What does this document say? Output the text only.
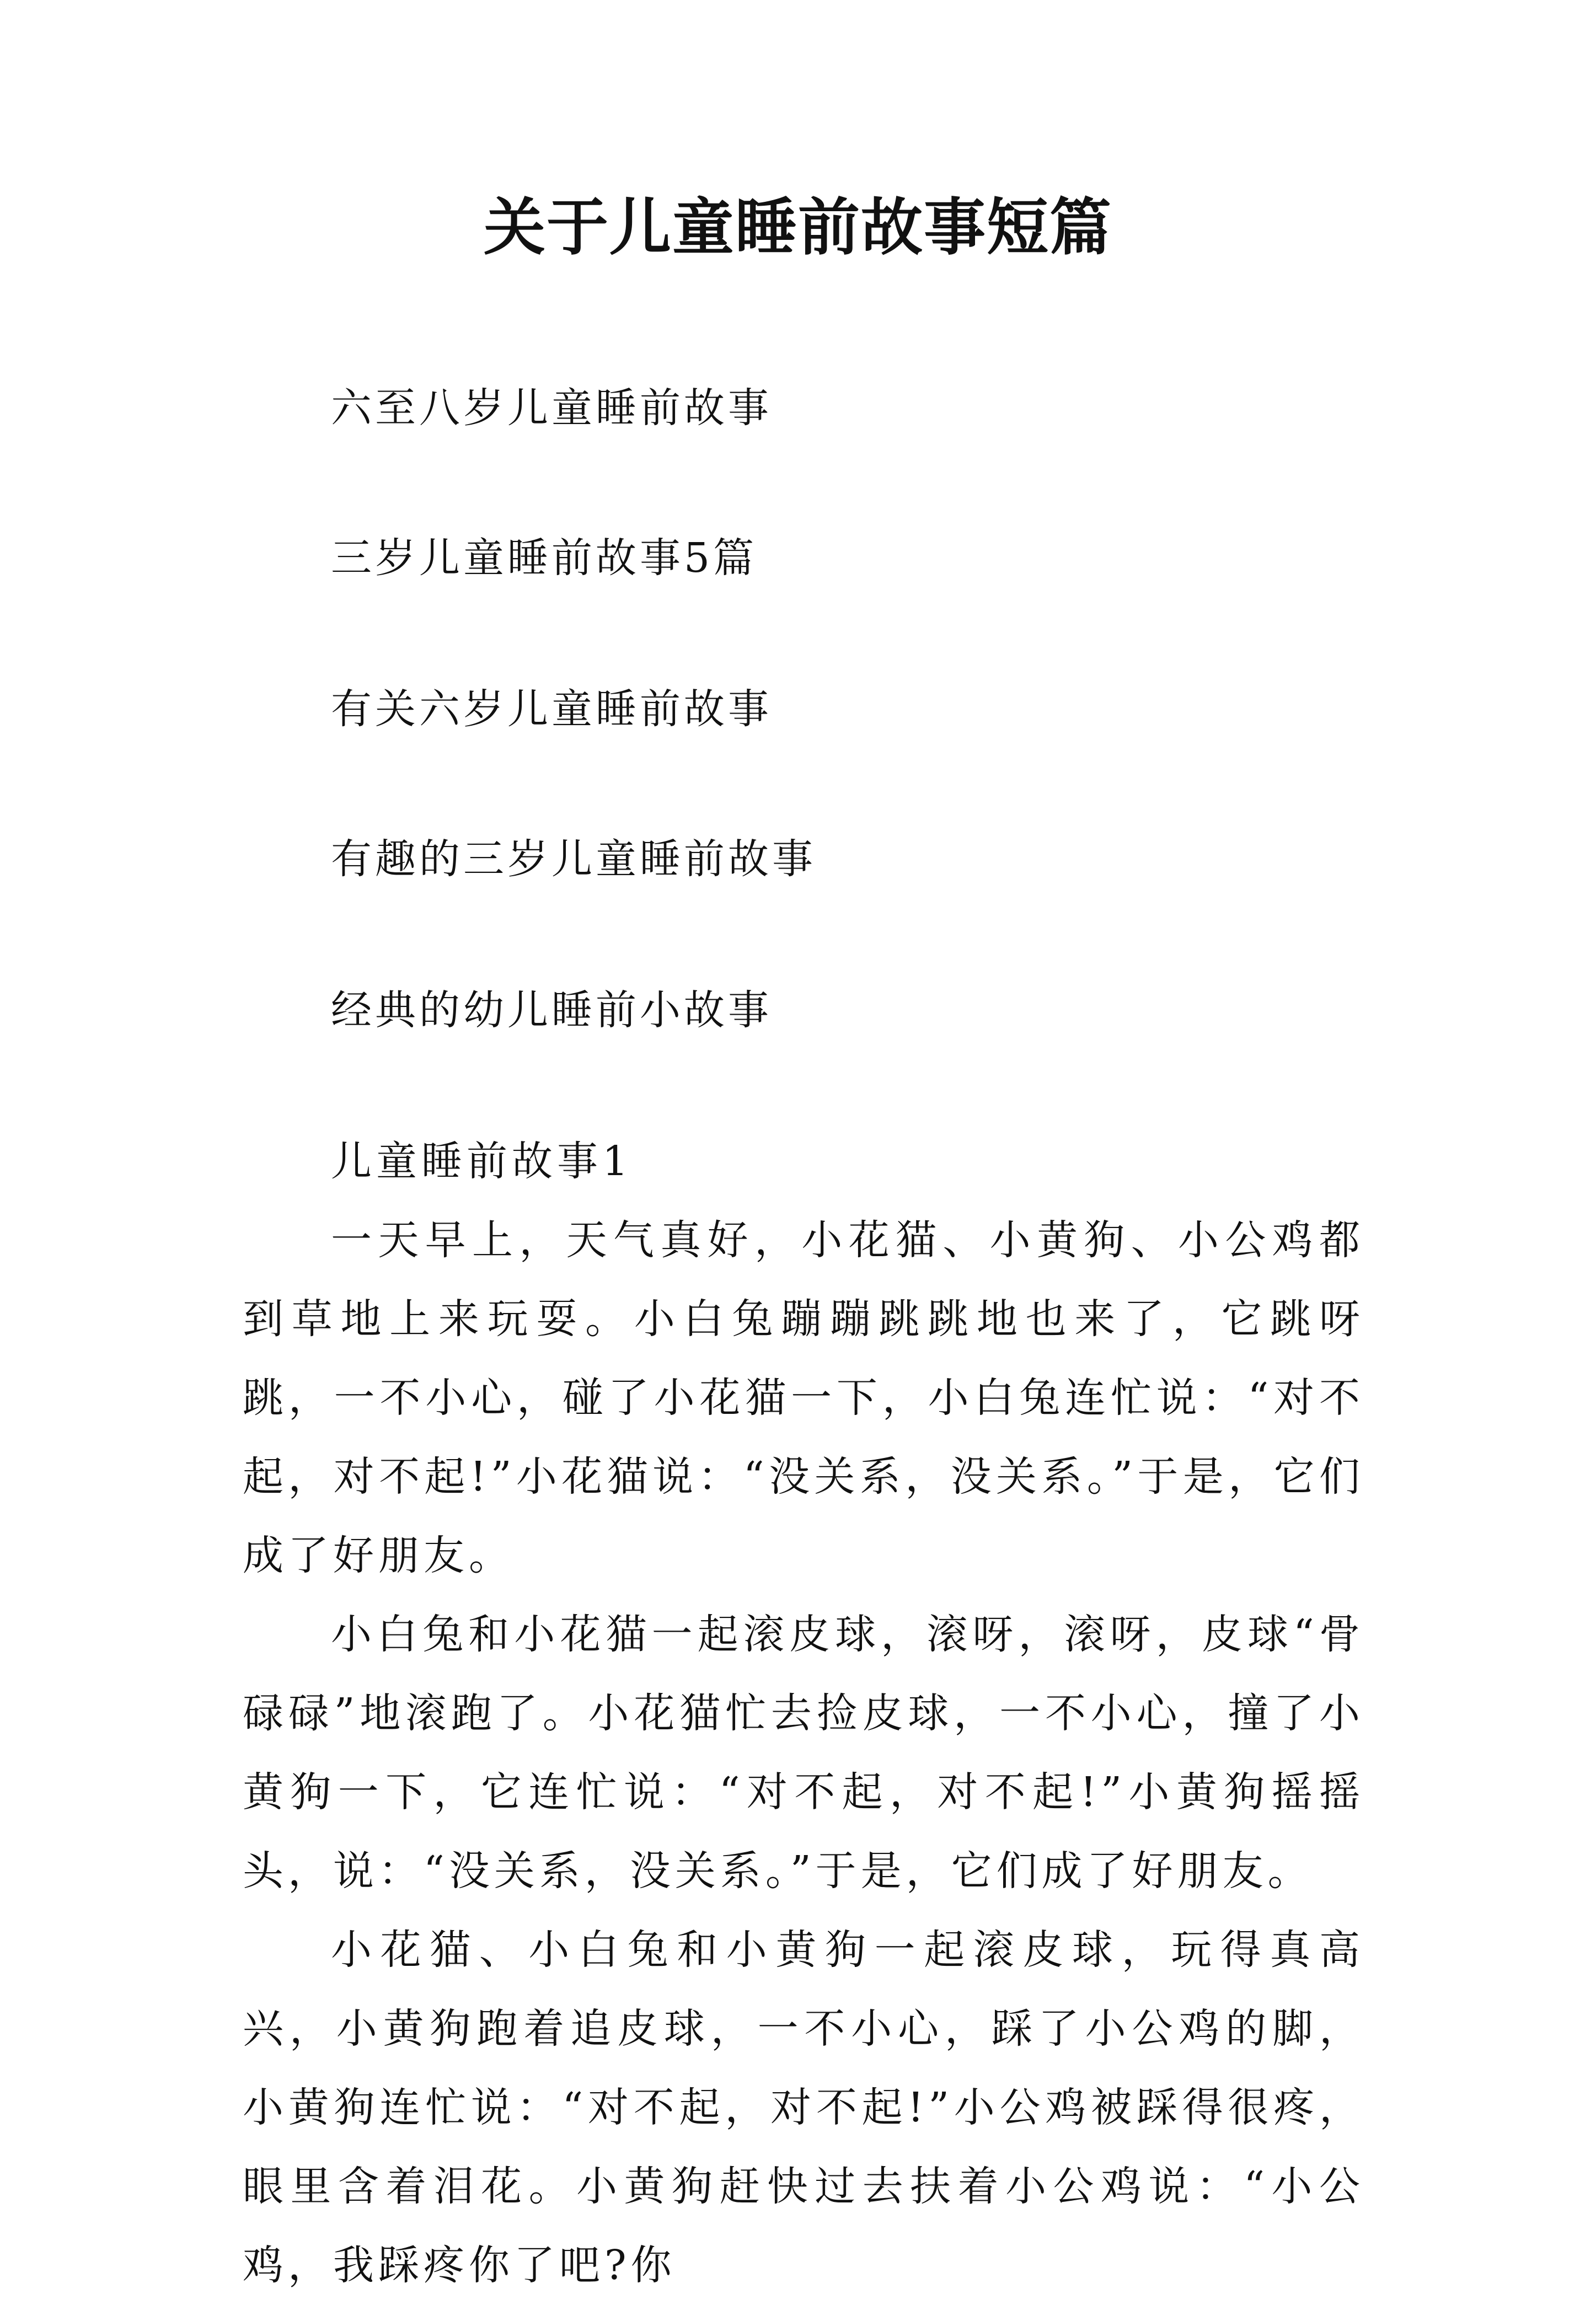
关于儿童睡前故事短篇
六至八岁儿童睡前故事
三岁儿童睡前故事5篇
有关六岁儿童睡前故事
有趣的三岁儿童睡前故事
经典的幼儿睡前小故事

儿童睡前故事1

一天早上，天气真好，小花猫、小黄狗、小公鸡都到草地上来玩耍。小白兔蹦蹦跳跳地也来了，它跳呀跳，一不小心，碰了小花猫一下，小白兔连忙说：“对不起，对不起!”小花猫说：“没关系，没关系。”于是，它们成了好朋友。

小白兔和小花猫一起滚皮球，滚呀，滚呀，皮球“骨碌碌”地滚跑了。小花猫忙去捡皮球，一不小心，撞了小黄狗一下，它连忙说：“对不起，对不起!”小黄狗摇摇头，说：“没关系，没关系。”于是，它们成了好朋友。

小花猫、小白兔和小黄狗一起滚皮球，玩得真高兴，小黄狗跑着追皮球，一不小心，踩了小公鸡的脚，小黄狗连忙说：“对不起，对不起!”小公鸡被踩得很疼，眼里含着泪花。小黄狗赶快过去扶着小公鸡说：“小公鸡，我踩疼你了吧?你
